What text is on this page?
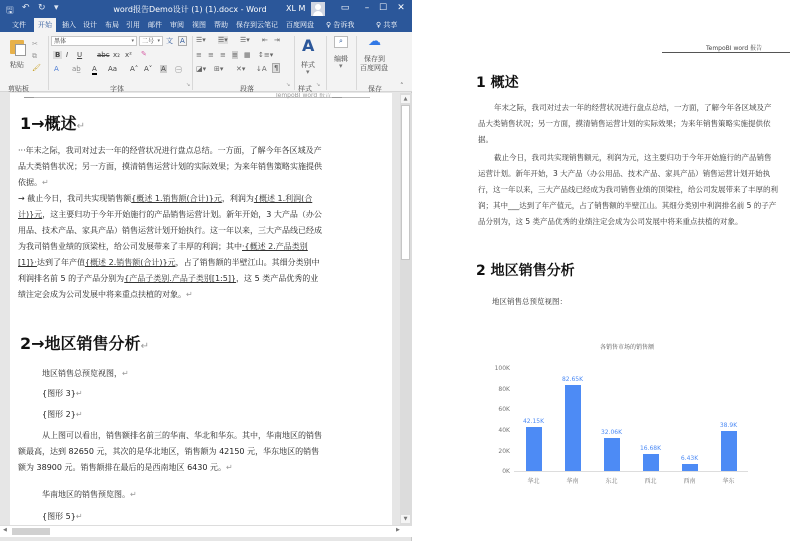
🖫 ↶ ↻ ▾	word报告Demo设计 (1) (1).docx - Word	XL M	▭	–	☐	✕
文件	开始	插入	设计	布局	引用	邮件	审阅	视图	帮助	保存到云笔记	百度网盘	♀ 告诉我	♀ 共享
粘贴
✂
⧉
🖌
剪贴板
黑体	▾	二号 ▾ 文 A
B I U abc x₂ x² ✎
A ab̲ A Aa A˄ A˅ A ㊀
字体	↘
☰▾ ☰▾ ☰▾ ⇤ ⇥
≡ ≡ ≡ ≡ ▦ ↕≡▾
◪▾ ⊞▾ ✕▾ ↓A ¶
段落	↘
A
样式
▾
样式 ↘
⌕
编辑
▾
☁
保存到
百度网盘
保存	˄
TempoBI word 报告
1→概述↵
···年末之际，我司对过去一年的经营状况进行盘点总结。一方面，了解今年各区域及产品大类销售状况；另一方面，摸清销售运营计划的实际效果；为来年销售策略实施提供依据。↵
→ 截止今日，我司共实现销售额{概述 1.销售额(合计)}元，利润为{概述 1.利润(合计)}元，这主要归功于今年开始施行的产品销售运营计划。新年开始，3 大产品（办公用品、技术产品、家具产品）销售运营计划开始执行。这一年以来，三大产品线已经成为我司销售业绩的顶梁柱，给公司发展带来了丰厚的利润；其中·{概述 2.产品类别[1]}·达到了年产值{概述 2.销售额(合计)}元，占了销售额的半壁江山。其细分类别中利润排名前 5 的子产品分别为{产品子类别.产品子类别[1:5]}，这 5 类产品优秀的业绩注定会成为公司发展中将来重点扶植的对象。↵
2→地区销售分析↵
地区销售总预览视图，↵
{图形 3}↵
{图形 2}↵
从上图可以看出，销售额排名前三的华南、华北和华东。其中，华南地区的销售额最高，达到 82650 元，其次的是华北地区，销售额为 42150 元，华东地区的销售额为 38900 元。销售额排在最后的是西南地区 6430 元。↵
华南地区的销售预览图。↵
{图形 5}↵
▲
▼
◀	▶
TempoBI word 报告
1 概述
年末之际，我司对过去一年的经营状况进行盘点总结，一方面，了解今年各区域及产品大类销售状况；另一方面，摸清销售运营计划的实际效果；为来年销售策略实施提供依据。
截止今日，我司共实现销售额元，利润为元，这主要归功于今年开始施行的产品销售运营计划。新年开始，3 大产品（办公用品、技术产品、家具产品）销售运营计划开始执行，这一年以来，三大产品线已经成为我司销售业绩的顶梁柱，给公司发展带来了丰厚的利润；其中___达到了年产值元，占了销售额的半壁江山。其细分类别中利润排名前 5 的子产品分别为，这 5 类产品优秀的业绩注定会成为公司发展中将来重点扶植的对象。
2 地区销售分析
地区销售总预览视图：
各销售市场的销售额
100K
80K
60K
40K
20K
0K
42.15K
华北
82.65K
华南
32.06K
东北
16.68K
西北
6.43K
西南
38.9K
华东
